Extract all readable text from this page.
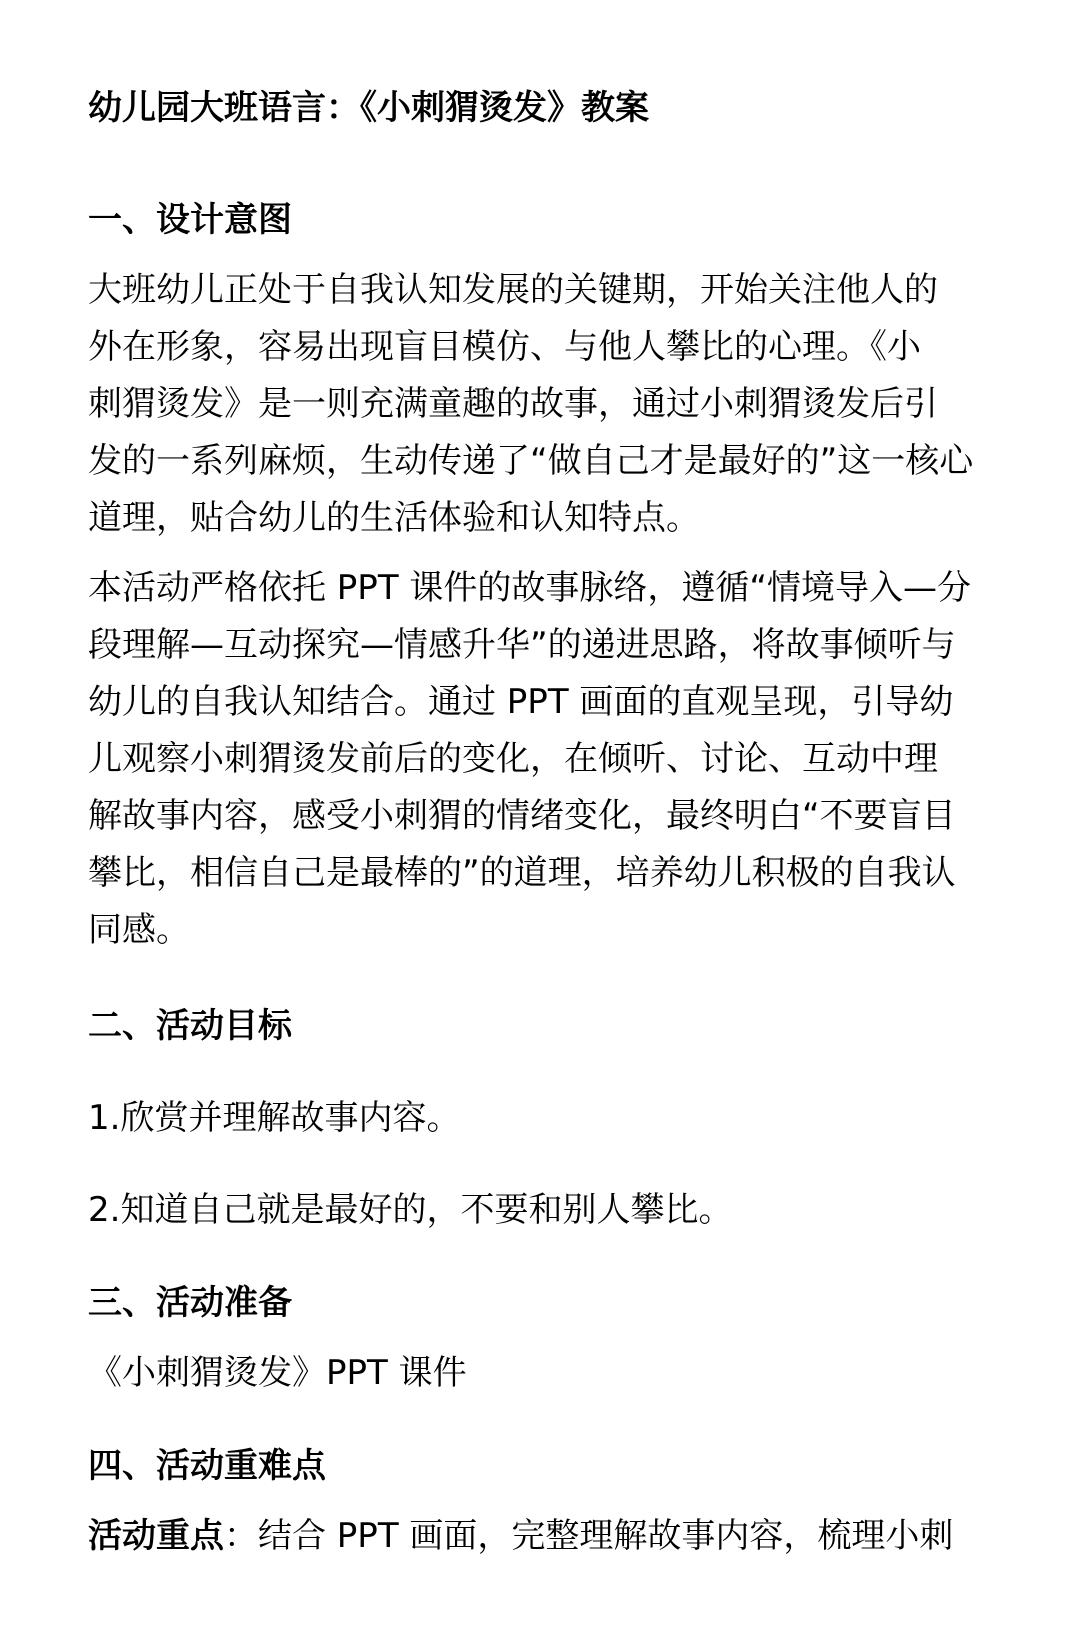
幼儿园大班语言：《小刺猬烫发》教案
一、设计意图
大班幼儿正处于自我认知发展的关键期，开始关注他人的
外在形象，容易出现盲目模仿、与他人攀比的心理。《小
刺猬烫发》是一则充满童趣的故事，通过小刺猬烫发后引
发的一系列麻烦，生动传递了“做自己才是最好的”这一核心
道理，贴合幼儿的生活体验和认知特点。
本活动严格依托 PPT 课件的故事脉络，遵循“情境导入—分
段理解—互动探究—情感升华”的递进思路，将故事倾听与
幼儿的自我认知结合。通过 PPT 画面的直观呈现，引导幼
儿观察小刺猬烫发前后的变化，在倾听、讨论、互动中理
解故事内容，感受小刺猬的情绪变化，最终明白“不要盲目
攀比，相信自己是最棒的”的道理，培养幼儿积极的自我认
同感。
二、活动目标

1.欣赏并理解故事内容。

2.知道自己就是最好的，不要和别人攀比。

三、活动准备

《小刺猬烫发》PPT 课件

四、活动重难点

活动重点：结合 PPT 画面，完整理解故事内容，梳理小刺
